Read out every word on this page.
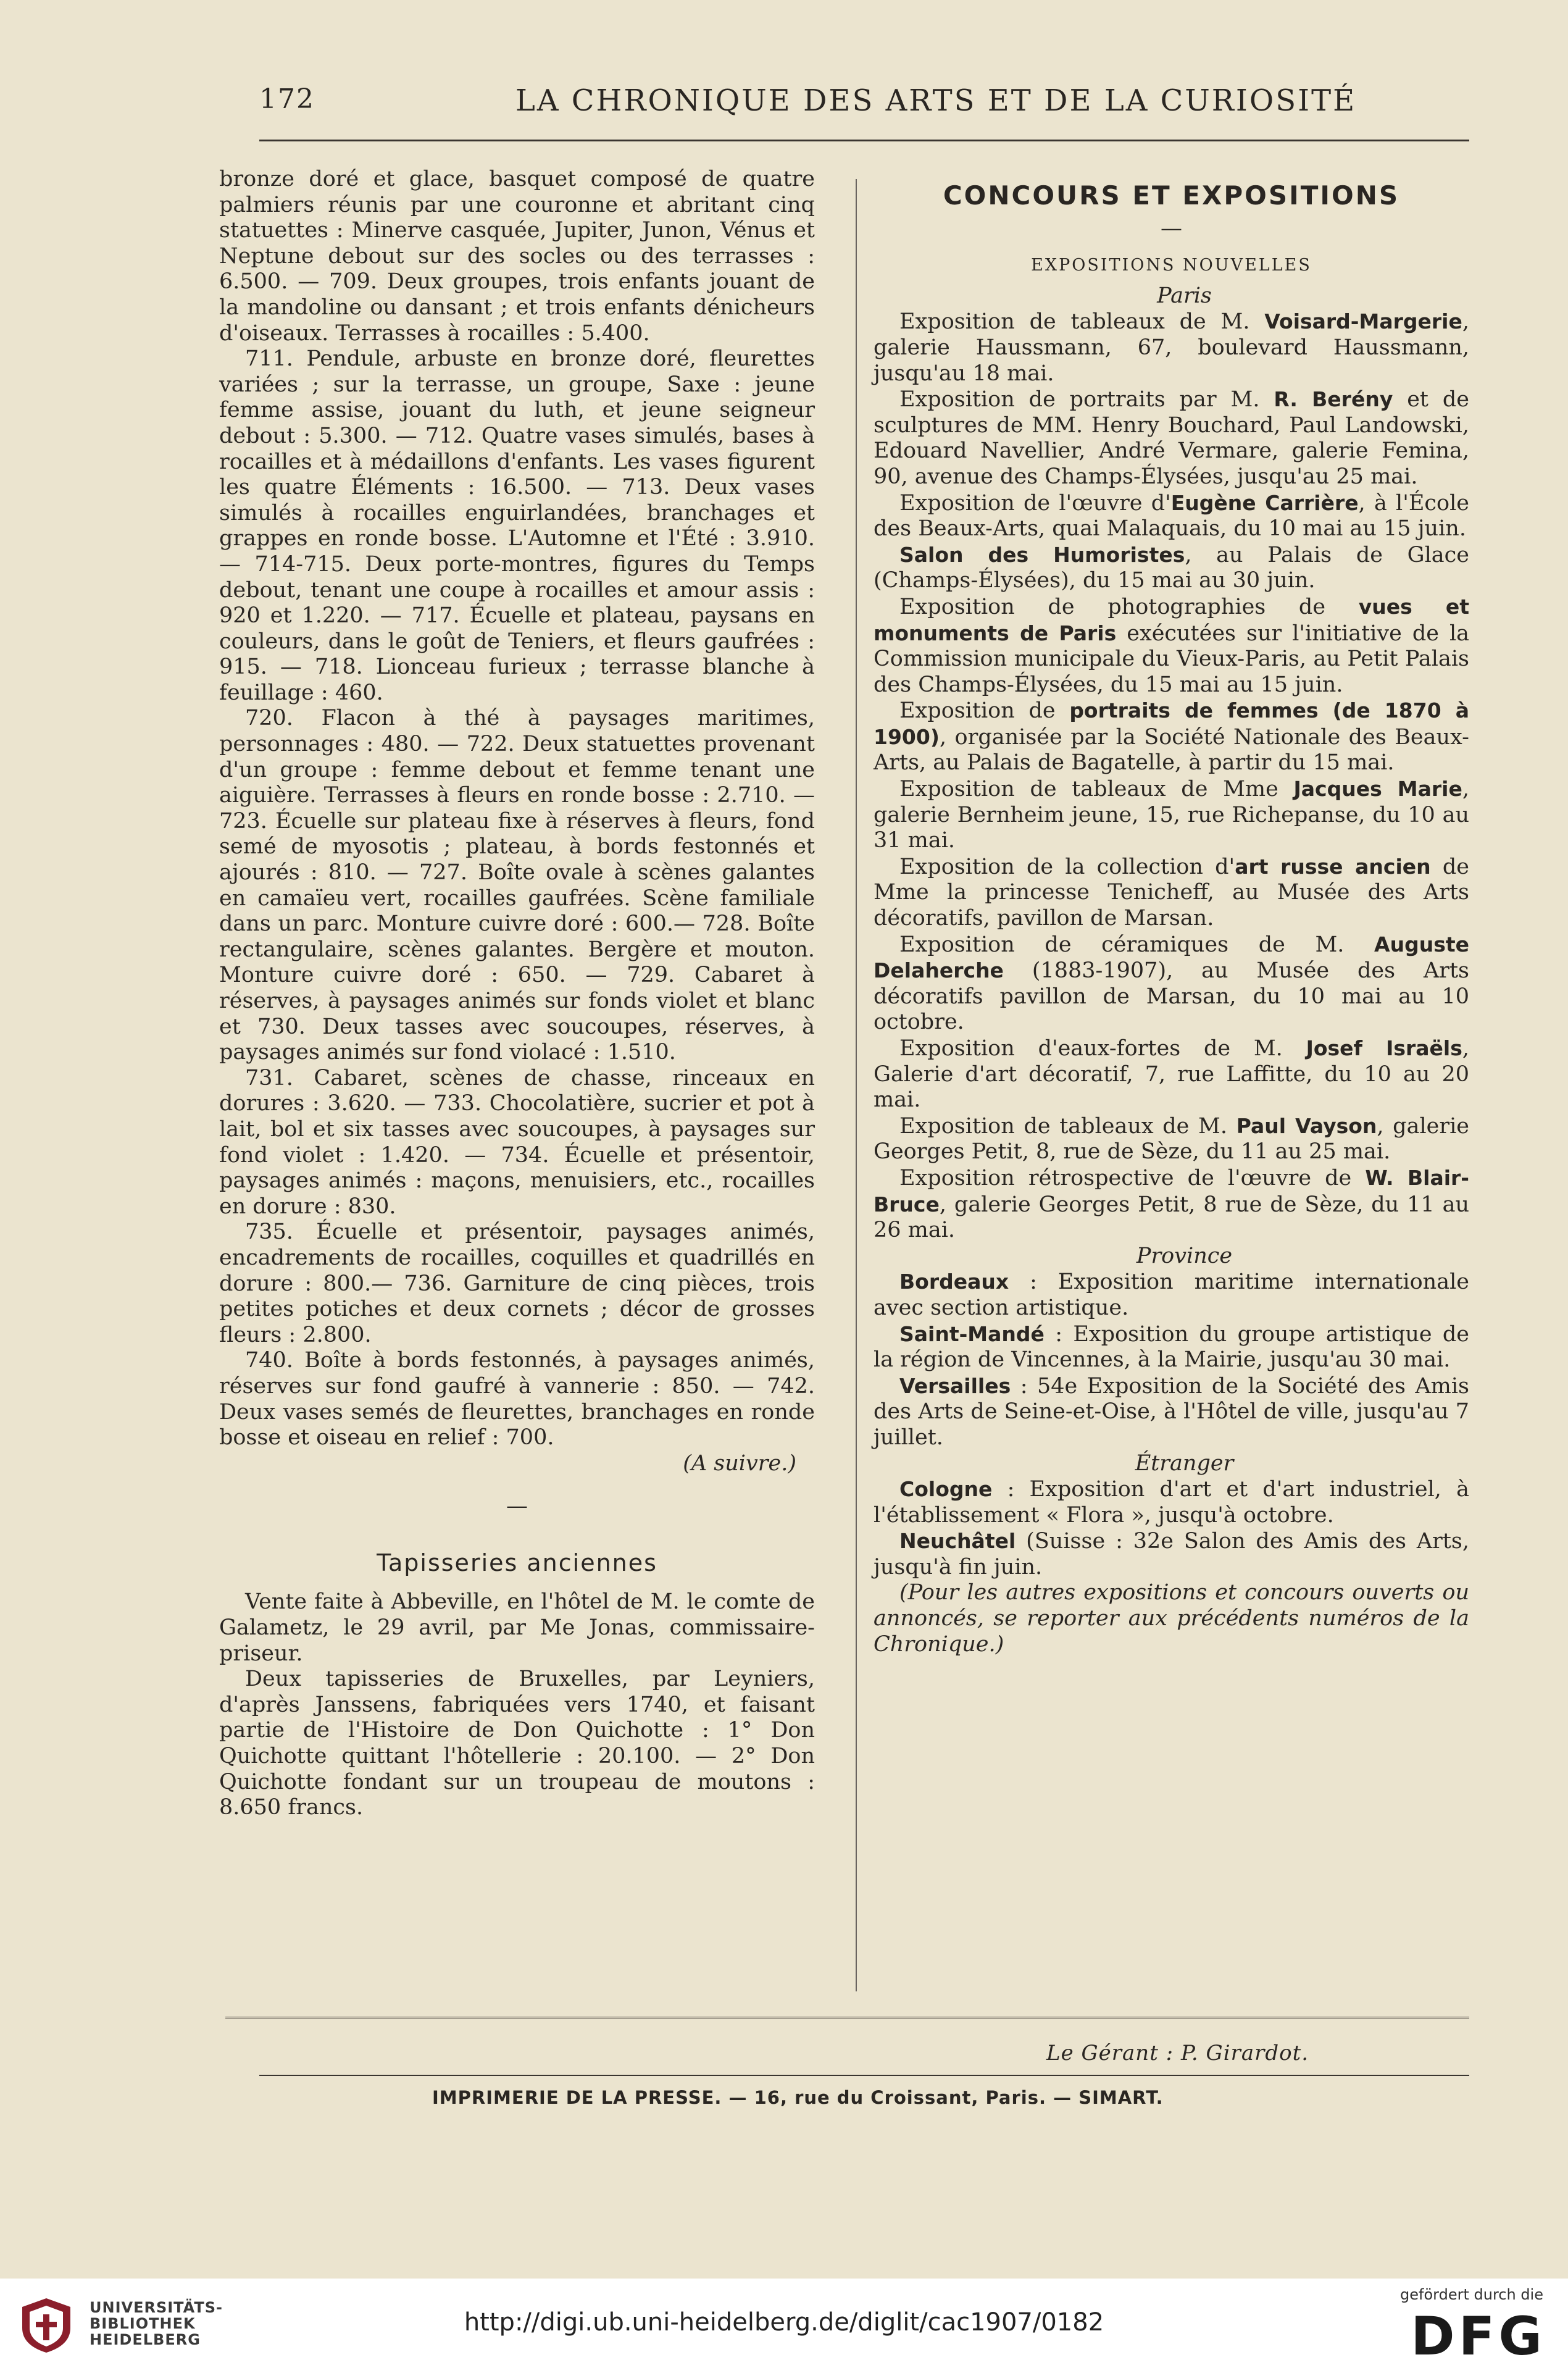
172	LA CHRONIQUE DES ARTS ET DE LA CURIOSITÉ

bronze doré et glace, basquet composé de quatre palmiers réunis par une couronne et abritant cinq statuettes : Minerve casquée, Jupiter, Junon, Vénus et Neptune debout sur des socles ou des terrasses : 6.500. — 709. Deux groupes, trois enfants jouant de la mandoline ou dansant ; et trois enfants dénicheurs d'oiseaux. Terrasses à rocailles : 5.400.

711. Pendule, arbuste en bronze doré, fleurettes variées ; sur la terrasse, un groupe, Saxe : jeune femme assise, jouant du luth, et jeune seigneur debout : 5.300. — 712. Quatre vases simulés, bases à rocailles et à médaillons d'enfants. Les vases figurent les quatre Éléments : 16.500. — 713. Deux vases simulés à rocailles enguirlandées, branchages et grappes en ronde bosse. L'Automne et l'Été : 3.910. — 714-715. Deux porte-montres, figures du Temps debout, tenant une coupe à rocailles et amour assis : 920 et 1.220. — 717. Écuelle et plateau, paysans en couleurs, dans le goût de Teniers, et fleurs gaufrées : 915. — 718. Lionceau furieux ; terrasse blanche à feuillage : 460.

720. Flacon à thé à paysages maritimes, personnages : 480. — 722. Deux statuettes provenant d'un groupe : femme debout et femme tenant une aiguière. Terrasses à fleurs en ronde bosse : 2.710. — 723. Écuelle sur plateau fixe à réserves à fleurs, fond semé de myosotis ; plateau, à bords festonnés et ajourés : 810. — 727. Boîte ovale à scènes galantes en camaïeu vert, rocailles gaufrées. Scène familiale dans un parc. Monture cuivre doré : 600.— 728. Boîte rectangulaire, scènes galantes. Bergère et mouton. Monture cuivre doré : 650. — 729. Cabaret à réserves, à paysages animés sur fonds violet et blanc et 730. Deux tasses avec soucoupes, réserves, à paysages animés sur fond violacé : 1.510.

731. Cabaret, scènes de chasse, rinceaux en dorures : 3.620. — 733. Chocolatière, sucrier et pot à lait, bol et six tasses avec soucoupes, à paysages sur fond violet : 1.420. — 734. Écuelle et présentoir, paysages animés : maçons, menuisiers, etc., rocailles en dorure : 830.

735. Écuelle et présentoir, paysages animés, encadrements de rocailles, coquilles et quadrillés en dorure : 800.— 736. Garniture de cinq pièces, trois petites potiches et deux cornets ; décor de grosses fleurs : 2.800.

740. Boîte à bords festonnés, à paysages animés, réserves sur fond gaufré à vannerie : 850. — 742. Deux vases semés de fleurettes, branchages en ronde bosse et oiseau en relief : 700.

(A suivre.)

—
Tapisseries anciennes

Vente faite à Abbeville, en l'hôtel de M. le comte de Galametz, le 29 avril, par Me Jonas, commissaire-priseur.

Deux tapisseries de Bruxelles, par Leyniers, d'après Janssens, fabriquées vers 1740, et faisant partie de l'Histoire de Don Quichotte : 1° Don Quichotte quittant l'hôtellerie : 20.100. — 2° Don Quichotte fondant sur un troupeau de moutons : 8.650 francs.

CONCOURS ET EXPOSITIONS
—
EXPOSITIONS NOUVELLES

Paris

Exposition de tableaux de M. Voisard-Margerie, galerie Haussmann, 67, boulevard Haussmann, jusqu'au 18 mai.

Exposition de portraits par M. R. Berény et de sculptures de MM. Henry Bouchard, Paul Landowski, Edouard Navellier, André Vermare, galerie Femina, 90, avenue des Champs-Élysées, jusqu'au 25 mai.

Exposition de l'œuvre d'Eugène Carrière, à l'École des Beaux-Arts, quai Malaquais, du 10 mai au 15 juin.

Salon des Humoristes, au Palais de Glace (Champs-Élysées), du 15 mai au 30 juin.

Exposition de photographies de vues et monuments de Paris exécutées sur l'initiative de la Commission municipale du Vieux-Paris, au Petit Palais des Champs-Élysées, du 15 mai au 15 juin.

Exposition de portraits de femmes (de 1870 à 1900), organisée par la Société Nationale des Beaux-Arts, au Palais de Bagatelle, à partir du 15 mai.

Exposition de tableaux de Mme Jacques Marie, galerie Bernheim jeune, 15, rue Richepanse, du 10 au 31 mai.

Exposition de la collection d'art russe ancien de Mme la princesse Tenicheff, au Musée des Arts décoratifs, pavillon de Marsan.

Exposition de céramiques de M. Auguste Delaherche (1883-1907), au Musée des Arts décoratifs pavillon de Marsan, du 10 mai au 10 octobre.

Exposition d'eaux-fortes de M. Josef Israëls, Galerie d'art décoratif, 7, rue Laffitte, du 10 au 20 mai.

Exposition de tableaux de M. Paul Vayson, galerie Georges Petit, 8, rue de Sèze, du 11 au 25 mai.

Exposition rétrospective de l'œuvre de W. Blair-Bruce, galerie Georges Petit, 8 rue de Sèze, du 11 au 26 mai.

Province

Bordeaux : Exposition maritime internationale avec section artistique.

Saint-Mandé : Exposition du groupe artistique de la région de Vincennes, à la Mairie, jusqu'au 30 mai.

Versailles : 54e Exposition de la Société des Amis des Arts de Seine-et-Oise, à l'Hôtel de ville, jusqu'au 7 juillet.

Étranger

Cologne : Exposition d'art et d'art industriel, à l'établissement « Flora », jusqu'à octobre.

Neuchâtel (Suisse : 32e Salon des Amis des Arts, jusqu'à fin juin.

(Pour les autres expositions et concours ouverts ou annoncés, se reporter aux précédents numéros de la Chronique.)

Le Gérant : P. Girardot.
IMPRIMERIE DE LA PRESSE. — 16, rue du Croissant, Paris. — SIMART.
UNIVERSITÄTS-
BIBLIOTHEK
HEIDELBERG
http://digi.ub.uni-heidelberg.de/diglit/cac1907/0182
gefördert durch die
DFG
